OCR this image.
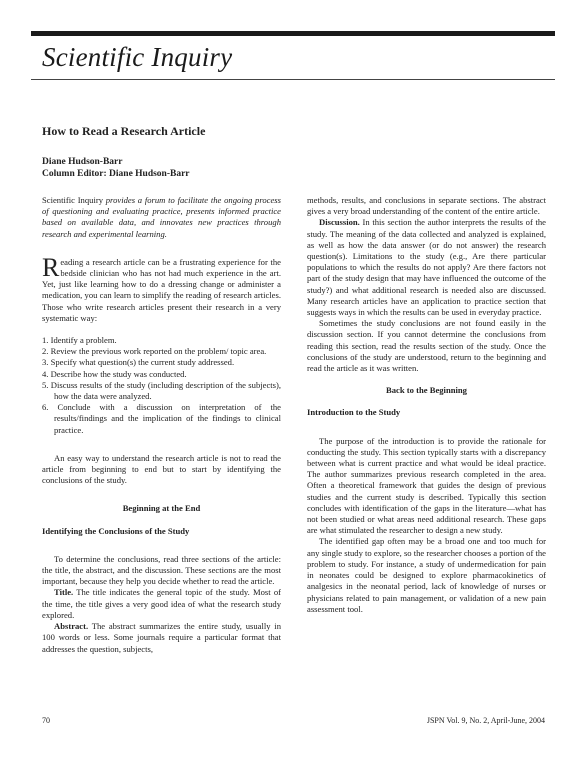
Scientific Inquiry
How to Read a Research Article
Diane Hudson-Barr
Column Editor: Diane Hudson-Barr

Scientific Inquiry provides a forum to facilitate the ongoing process of questioning and evaluating practice, presents informed practice based on available data, and innovates new practices through research and experimental learning.

Reading a research article can be a frustrating experience for the bedside clinician who has not had much experience in the art. Yet, just like learning how to do a dressing change or administer a medication, you can learn to simplify the reading of research articles. Those who write research articles present their research in a very systematic way:

1. Identify a problem.
2. Review the previous work reported on the problem/ topic area.
3. Specify what question(s) the current study addressed.
4. Describe how the study was conducted.
5. Discuss results of the study (including description of the subjects), how the data were analyzed.
6. Conclude with a discussion on interpretation of the results/findings and the implication of the findings to clinical practice.

An easy way to understand the research article is not to read the article from beginning to end but to start by identifying the conclusions of the study.

Beginning at the End

Identifying the Conclusions of the Study

To determine the conclusions, read three sections of the article: the title, the abstract, and the discussion. These sections are the most important, because they help you decide whether to read the article.

Title. The title indicates the general topic of the study. Most of the time, the title gives a very good idea of what the research study explored.

Abstract. The abstract summarizes the entire study, usually in 100 words or less. Some journals require a particular format that addresses the question, subjects,

methods, results, and conclusions in separate sections. The abstract gives a very broad understanding of the content of the entire article.

Discussion. In this section the author interprets the results of the study. The meaning of the data collected and analyzed is explained, as well as how the data answer (or do not answer) the research question(s). Limitations to the study (e.g., Are there particular populations to which the results do not apply? Are there factors not part of the study design that may have influenced the outcome of the study?) and what additional research is needed also are discussed. Many research articles have an application to practice section that suggests ways in which the results can be used in everyday practice.

Sometimes the study conclusions are not found easily in the discussion section. If you cannot determine the conclusions from reading this section, read the results section of the study. Once the conclusions of the study are understood, return to the beginning and read the article as it was written.

Back to the Beginning

Introduction to the Study

The purpose of the introduction is to provide the rationale for conducting the study. This section typically starts with a discrepancy between what is current practice and what would be ideal practice. The author summarizes previous research completed in the area. Often a theoretical framework that guides the design of previous studies and the current study is described. Typically this section concludes with identification of the gaps in the literature—what has not been studied or what areas need additional research. These gaps are what stimulated the researcher to design a new study.

The identified gap often may be a broad one and too much for any single study to explore, so the researcher chooses a portion of the problem to study. For instance, a study of undermedication for pain in neonates could be designed to explore pharmacokinetics of analgesics in the neonatal period, lack of knowledge of nurses or physicians related to pain management, or validation of a new pain assessment tool.

70	JSPN Vol. 9, No. 2, April-June, 2004
